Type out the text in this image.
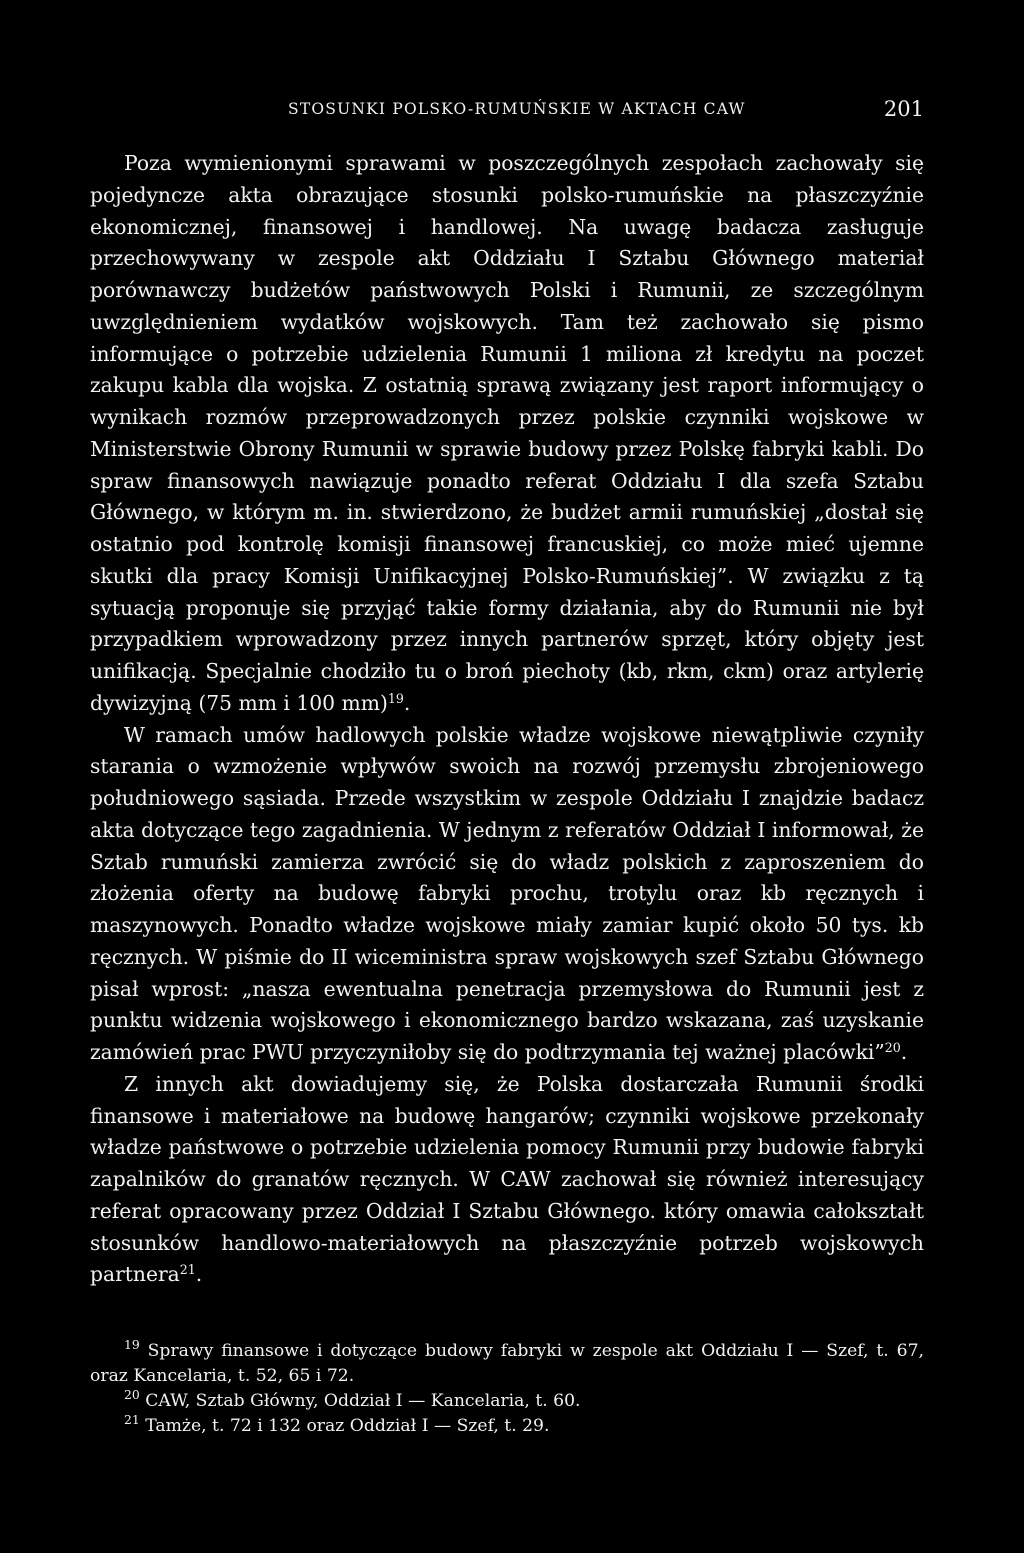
STOSUNKI POLSKO-RUMUŃSKIE W AKTACH CAW	201

Poza wymienionymi sprawami w poszczególnych zespołach zachowały się pojedyncze akta obrazujące stosunki polsko-rumuńskie na płaszczyźnie ekonomicznej, finansowej i handlowej. Na uwagę badacza zasługuje przechowywany w zespole akt Oddziału I Sztabu Głównego materiał porównawczy budżetów państwowych Polski i Rumunii, ze szczególnym uwzględnieniem wydatków wojskowych. Tam też zachowało się pismo informujące o potrzebie udzielenia Rumunii 1 miliona zł kredytu na poczet zakupu kabla dla wojska. Z ostatnią sprawą związany jest raport informujący o wynikach rozmów przeprowadzonych przez polskie czynniki wojskowe w Ministerstwie Obrony Rumunii w sprawie budowy przez Polskę fabryki kabli. Do spraw finansowych nawiązuje ponadto referat Oddziału I dla szefa Sztabu Głównego, w którym m. in. stwierdzono, że budżet armii rumuńskiej „dostał się ostatnio pod kontrolę komisji finansowej francuskiej, co może mieć ujemne skutki dla pracy Komisji Unifikacyjnej Polsko-Rumuńskiej”. W związku z tą sytuacją proponuje się przyjąć takie formy działania, aby do Rumunii nie był przypadkiem wprowadzony przez innych partnerów sprzęt, który objęty jest unifikacją. Specjalnie chodziło tu o broń piechoty (kb, rkm, ckm) oraz artylerię dywizyjną (75 mm i 100 mm)$^{19}$.

W ramach umów hadlowych polskie władze wojskowe niewątpliwie czyniły starania o wzmożenie wpływów swoich na rozwój przemysłu zbrojeniowego południowego sąsiada. Przede wszystkim w zespole Oddziału I znajdzie badacz akta dotyczące tego zagadnienia. W jednym z referatów Oddział I informował, że Sztab rumuński zamierza zwrócić się do władz polskich z zaproszeniem do złożenia oferty na budowę fabryki prochu, trotylu oraz kb ręcznych i maszynowych. Ponadto władze wojskowe miały zamiar kupić około 50 tys. kb ręcznych. W piśmie do II wiceministra spraw wojskowych szef Sztabu Głównego pisał wprost: „nasza ewentualna penetracja przemysłowa do Rumunii jest z punktu widzenia wojskowego i ekonomicznego bardzo wskazana, zaś uzyskanie zamówień prac PWU przyczyniłoby się do podtrzymania tej ważnej placówki”$^{20}$.

Z innych akt dowiadujemy się, że Polska dostarczała Rumunii środki finansowe i materiałowe na budowę hangarów; czynniki wojskowe przekonały władze państwowe o potrzebie udzielenia pomocy Rumunii przy budowie fabryki zapalników do granatów ręcznych. W CAW zachował się również interesujący referat opracowany przez Oddział I Sztabu Głównego. który omawia całokształt stosunków handlowo-materiałowych na płaszczyźnie potrzeb wojskowych partnera$^{21}$.

$^{19}$ Sprawy finansowe i dotyczące budowy fabryki w zespole akt Oddziału I — Szef, t. 67, oraz Kancelaria, t. 52, 65 i 72.

$^{20}$ CAW, Sztab Główny, Oddział I — Kancelaria, t. 60.

$^{21}$ Tamże, t. 72 i 132 oraz Oddział I — Szef, t. 29.
